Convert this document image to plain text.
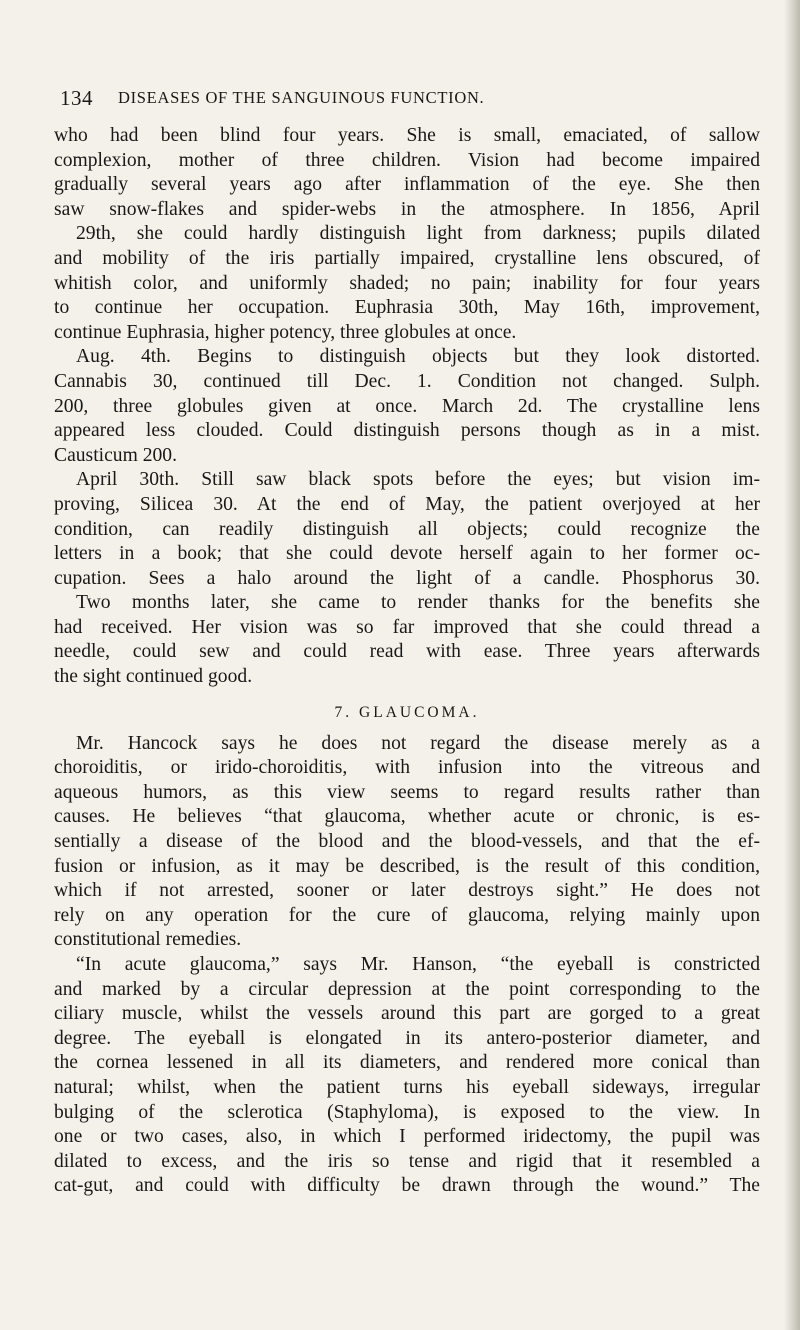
134 DISEASES OF THE SANGUINOUS FUNCTION.
who had been blind four years. She is small, emaciated, of sallow
complexion, mother of three children. Vision had become impaired
gradually several years ago after inflammation of the eye. She then
saw snow-flakes and spider-webs in the atmosphere. In 1856, April
29th, she could hardly distinguish light from darkness; pupils dilated
and mobility of the iris partially impaired, crystalline lens obscured, of
whitish color, and uniformly shaded; no pain; inability for four years
to continue her occupation. Euphrasia 30th, May 16th, improvement,
continue Euphrasia, higher potency, three globules at once.
Aug. 4th. Begins to distinguish objects but they look distorted.
Cannabis 30, continued till Dec. 1. Condition not changed. Sulph.
200, three globules given at once. March 2d. The crystalline lens
appeared less clouded. Could distinguish persons though as in a mist.
Causticum 200.
April 30th. Still saw black spots before the eyes; but vision im-
proving, Silicea 30. At the end of May, the patient overjoyed at her
condition, can readily distinguish all objects; could recognize the
letters in a book; that she could devote herself again to her former oc-
cupation. Sees a halo around the light of a candle. Phosphorus 30.
Two months later, she came to render thanks for the benefits she
had received. Her vision was so far improved that she could thread a
needle, could sew and could read with ease. Three years afterwards
the sight continued good.
7. GLAUCOMA.
Mr. Hancock says he does not regard the disease merely as a
choroiditis, or irido-choroiditis, with infusion into the vitreous and
aqueous humors, as this view seems to regard results rather than
causes. He believes “that glaucoma, whether acute or chronic, is es-
sentially a disease of the blood and the blood-vessels, and that the ef-
fusion or infusion, as it may be described, is the result of this condition,
which if not arrested, sooner or later destroys sight.” He does not
rely on any operation for the cure of glaucoma, relying mainly upon
constitutional remedies.
“In acute glaucoma,” says Mr. Hanson, “the eyeball is constricted
and marked by a circular depression at the point corresponding to the
ciliary muscle, whilst the vessels around this part are gorged to a great
degree. The eyeball is elongated in its antero-posterior diameter, and
the cornea lessened in all its diameters, and rendered more conical than
natural; whilst, when the patient turns his eyeball sideways, irregular
bulging of the sclerotica (Staphyloma), is exposed to the view. In
one or two cases, also, in which I performed iridectomy, the pupil was
dilated to excess, and the iris so tense and rigid that it resembled a
cat-gut, and could with difficulty be drawn through the wound.” The
